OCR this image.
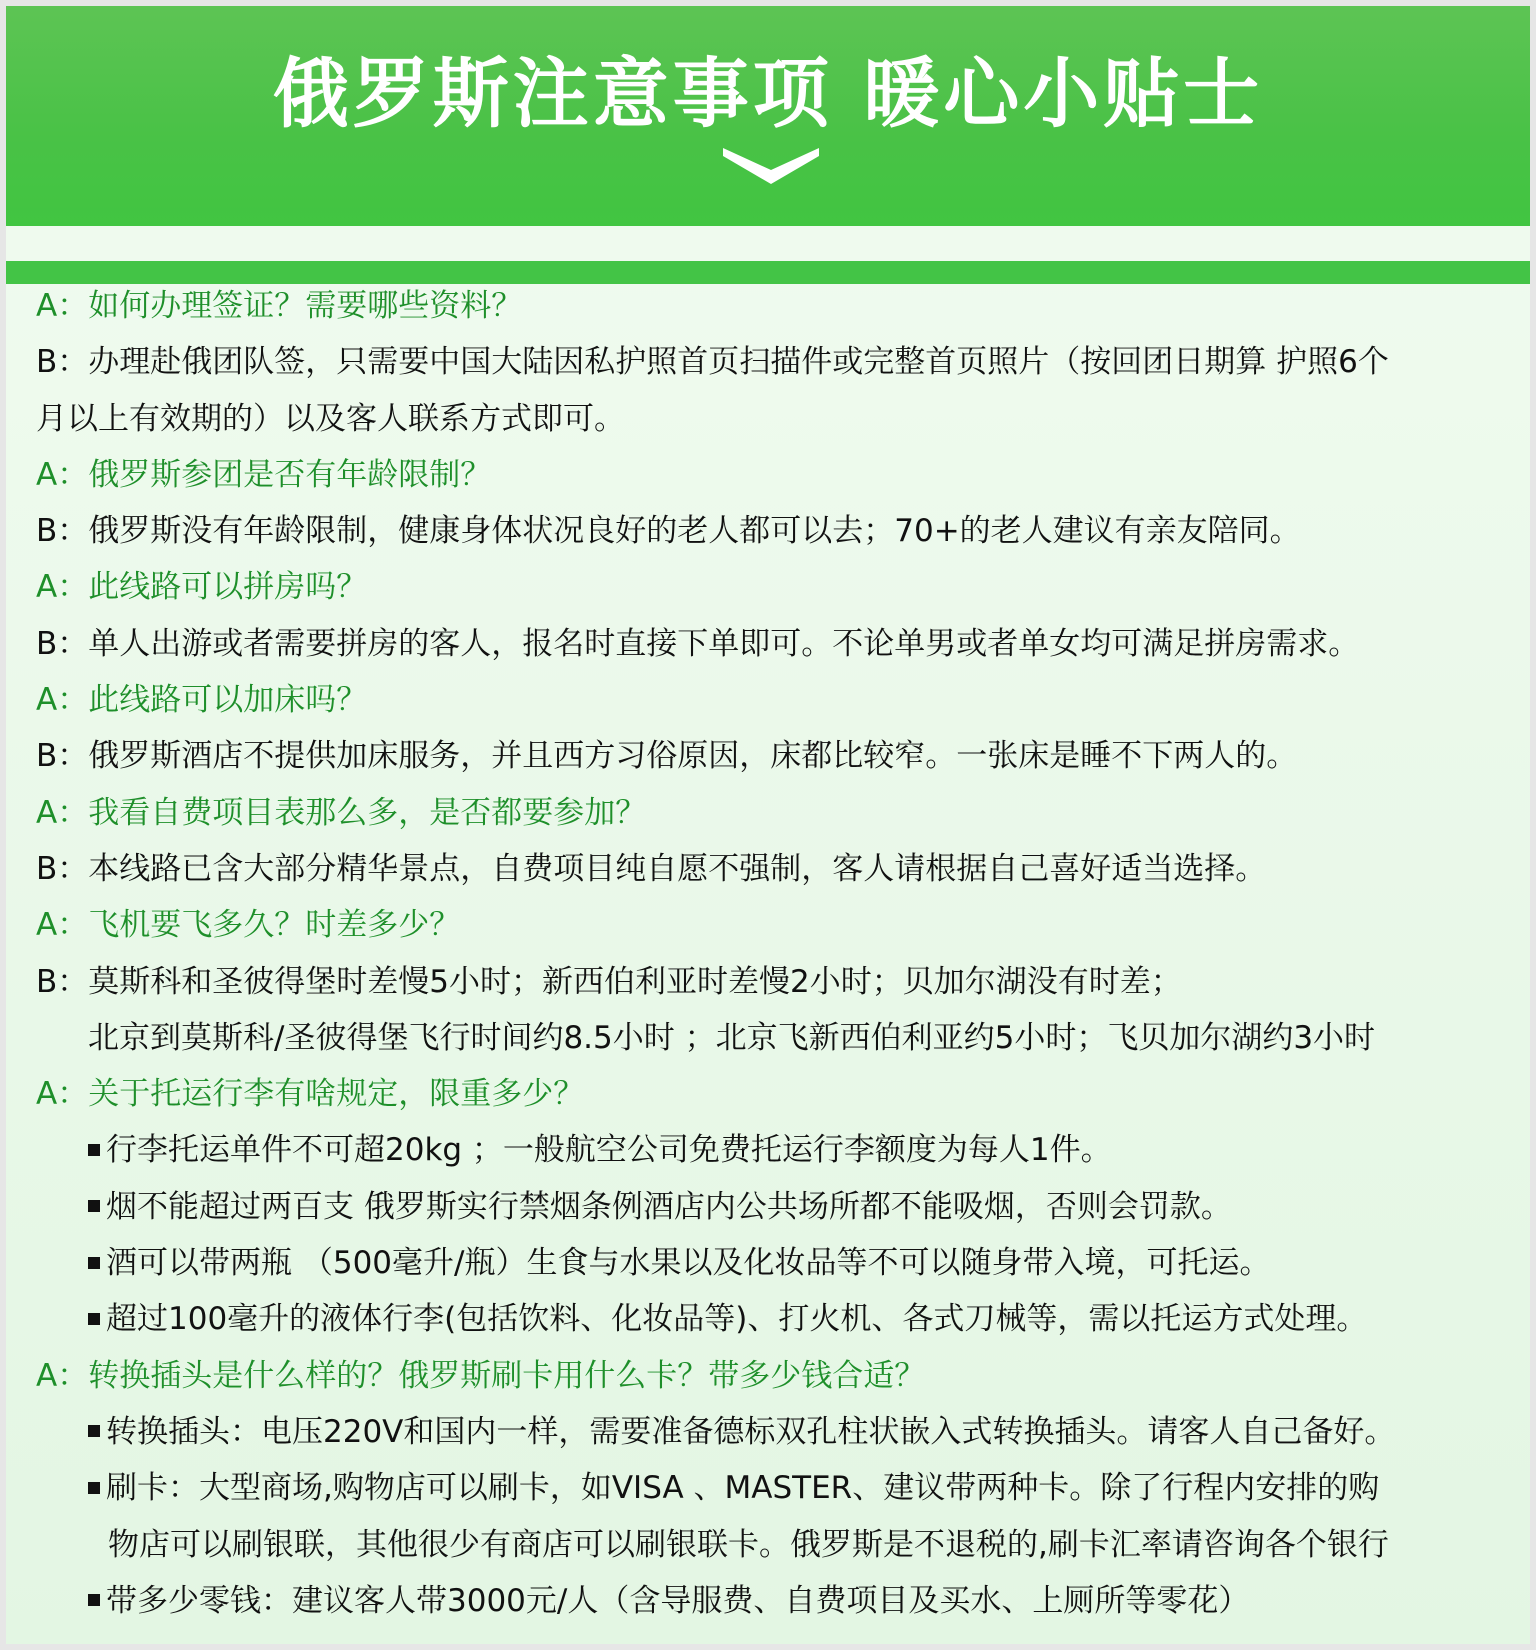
俄罗斯注意事项 暖心小贴士
A：如何办理签证？需要哪些资料？
B：办理赴俄团队签，只需要中国大陆因私护照首页扫描件或完整首页照片（按回团日期算 护照6个
月以上有效期的）以及客人联系方式即可。
A：俄罗斯参团是否有年龄限制？
B：俄罗斯没有年龄限制，健康身体状况良好的老人都可以去；70+的老人建议有亲友陪同。
A：此线路可以拼房吗？
B：单人出游或者需要拼房的客人，报名时直接下单即可。不论单男或者单女均可满足拼房需求。
A：此线路可以加床吗？
B：俄罗斯酒店不提供加床服务，并且西方习俗原因，床都比较窄。一张床是睡不下两人的。
A：我看自费项目表那么多，是否都要参加？
B：本线路已含大部分精华景点，自费项目纯自愿不强制，客人请根据自己喜好适当选择。
A：飞机要飞多久？时差多少？
B：莫斯科和圣彼得堡时差慢5小时；新西伯利亚时差慢2小时；贝加尔湖没有时差；
北京到莫斯科/圣彼得堡飞行时间约8.5小时 ；北京飞新西伯利亚约5小时；飞贝加尔湖约3小时
A：关于托运行李有啥规定，限重多少？
行李托运单件不可超20kg ；一般航空公司免费托运行李额度为每人1件。
烟不能超过两百支 俄罗斯实行禁烟条例酒店内公共场所都不能吸烟，否则会罚款。
酒可以带两瓶 （500毫升/瓶）生食与水果以及化妆品等不可以随身带入境，可托运。
超过100毫升的液体行李(包括饮料、化妆品等)、打火机、各式刀械等，需以托运方式处理。
A：转换插头是什么样的？俄罗斯刷卡用什么卡？带多少钱合适？
转换插头：电压220V和国内一样，需要准备德标双孔柱状嵌入式转换插头。请客人自己备好。
刷卡：大型商场,购物店可以刷卡，如VISA 、MASTER、建议带两种卡。除了行程内安排的购
物店可以刷银联，其他很少有商店可以刷银联卡。俄罗斯是不退税的,刷卡汇率请咨询各个银行
带多少零钱：建议客人带3000元/人（含导服费、自费项目及买水、上厕所等零花）
